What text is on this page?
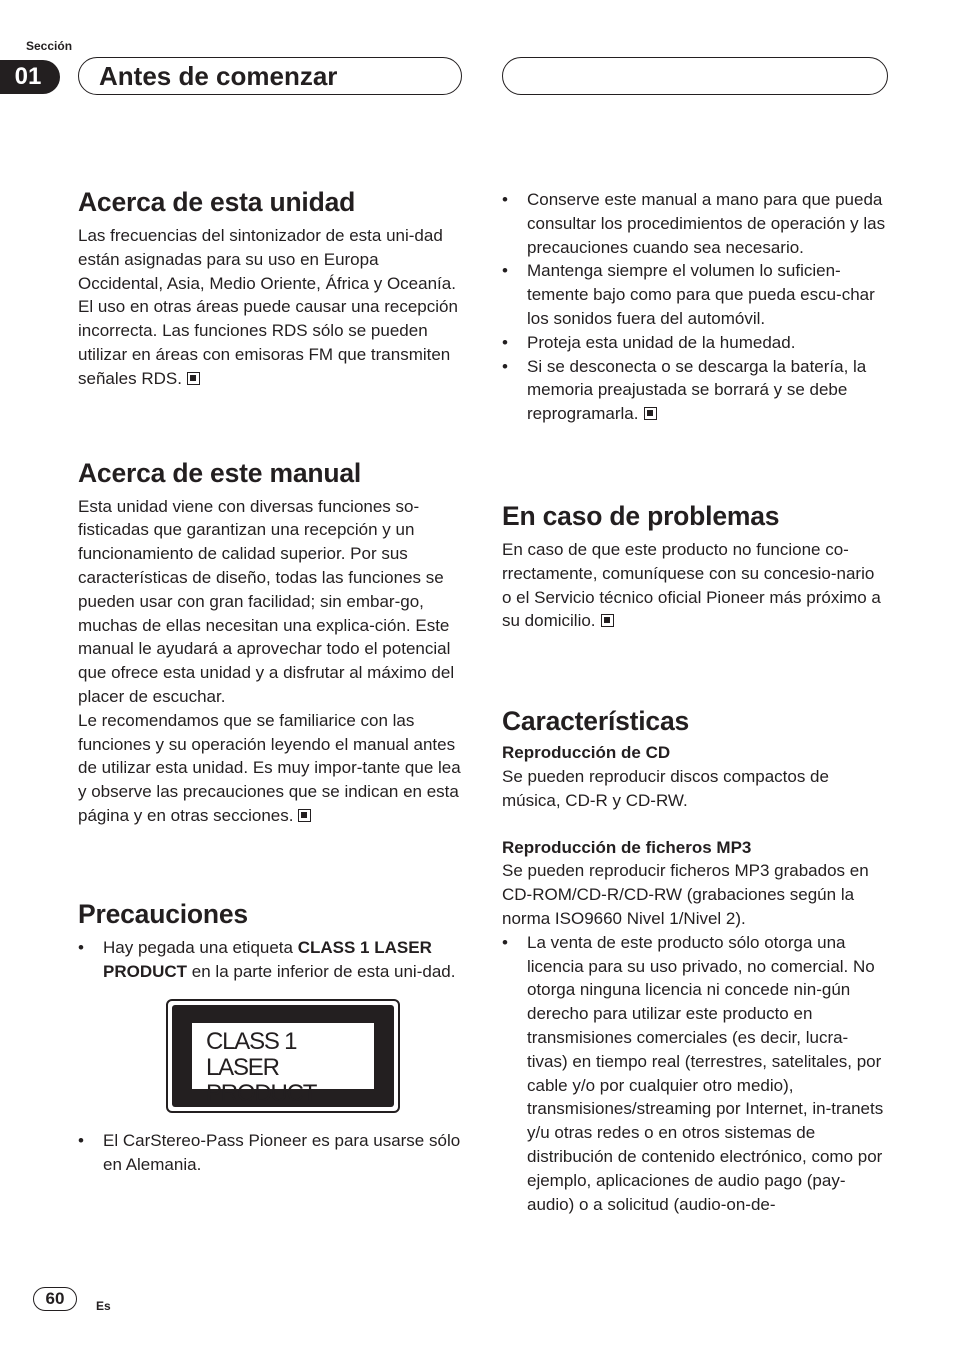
Sección
01	Antes de comenzar
Acerca de esta unidad

Las frecuencias del sintonizador de esta uni-dad están asignadas para su uso en Europa Occidental, Asia, Medio Oriente, África y Oceanía. El uso en otras áreas puede causar una recepción incorrecta. Las funciones RDS sólo se pueden utilizar en áreas con emisoras FM que transmiten señales RDS.

Acerca de este manual

Esta unidad viene con diversas funciones so-fisticadas que garantizan una recepción y un funcionamiento de calidad superior. Por sus características de diseño, todas las funciones se pueden usar con gran facilidad; sin embar-go, muchas de ellas necesitan una explica-ción. Este manual le ayudará a aprovechar todo el potencial que ofrece esta unidad y a disfrutar al máximo del placer de escuchar.

Le recomendamos que se familiarice con las funciones y su operación leyendo el manual antes de utilizar esta unidad. Es muy impor-tante que lea y observe las precauciones que se indican en esta página y en otras secciones.

Precauciones
• Hay pegada una etiqueta CLASS 1 LASER PRODUCT en la parte inferior de esta uni-dad.
CLASS 1
LASER PRODUCT
• El CarStereo-Pass Pioneer es para usarse sólo en Alemania.
• Conserve este manual a mano para que pueda consultar los procedimientos de operación y las precauciones cuando sea necesario.
• Mantenga siempre el volumen lo suficien-temente bajo como para que pueda escu-char los sonidos fuera del automóvil.
• Proteja esta unidad de la humedad.
• Si se desconecta o se descarga la batería, la memoria preajustada se borrará y se debe reprogramarla.
En caso de problemas

En caso de que este producto no funcione co-rrectamente, comuníquese con su concesio-nario o el Servicio técnico oficial Pioneer más próximo a su domicilio.

Características
Reproducción de CD

Se pueden reproducir discos compactos de música, CD-R y CD-RW.

Reproducción de ficheros MP3

Se pueden reproducir ficheros MP3 grabados en CD-ROM/CD-R/CD-RW (grabaciones según la norma ISO9660 Nivel 1/Nivel 2).

• La venta de este producto sólo otorga una licencia para su uso privado, no comercial. No otorga ninguna licencia ni concede nin-gún derecho para utilizar este producto en transmisiones comerciales (es decir, lucra-tivas) en tiempo real (terrestres, satelitales, por cable y/o por cualquier otro medio), transmisiones/streaming por Internet, in-tranets y/u otras redes o en otros sistemas de distribución de contenido electrónico, como por ejemplo, aplicaciones de audio pago (pay-audio) o a solicitud (audio-on-de-
60	Es
